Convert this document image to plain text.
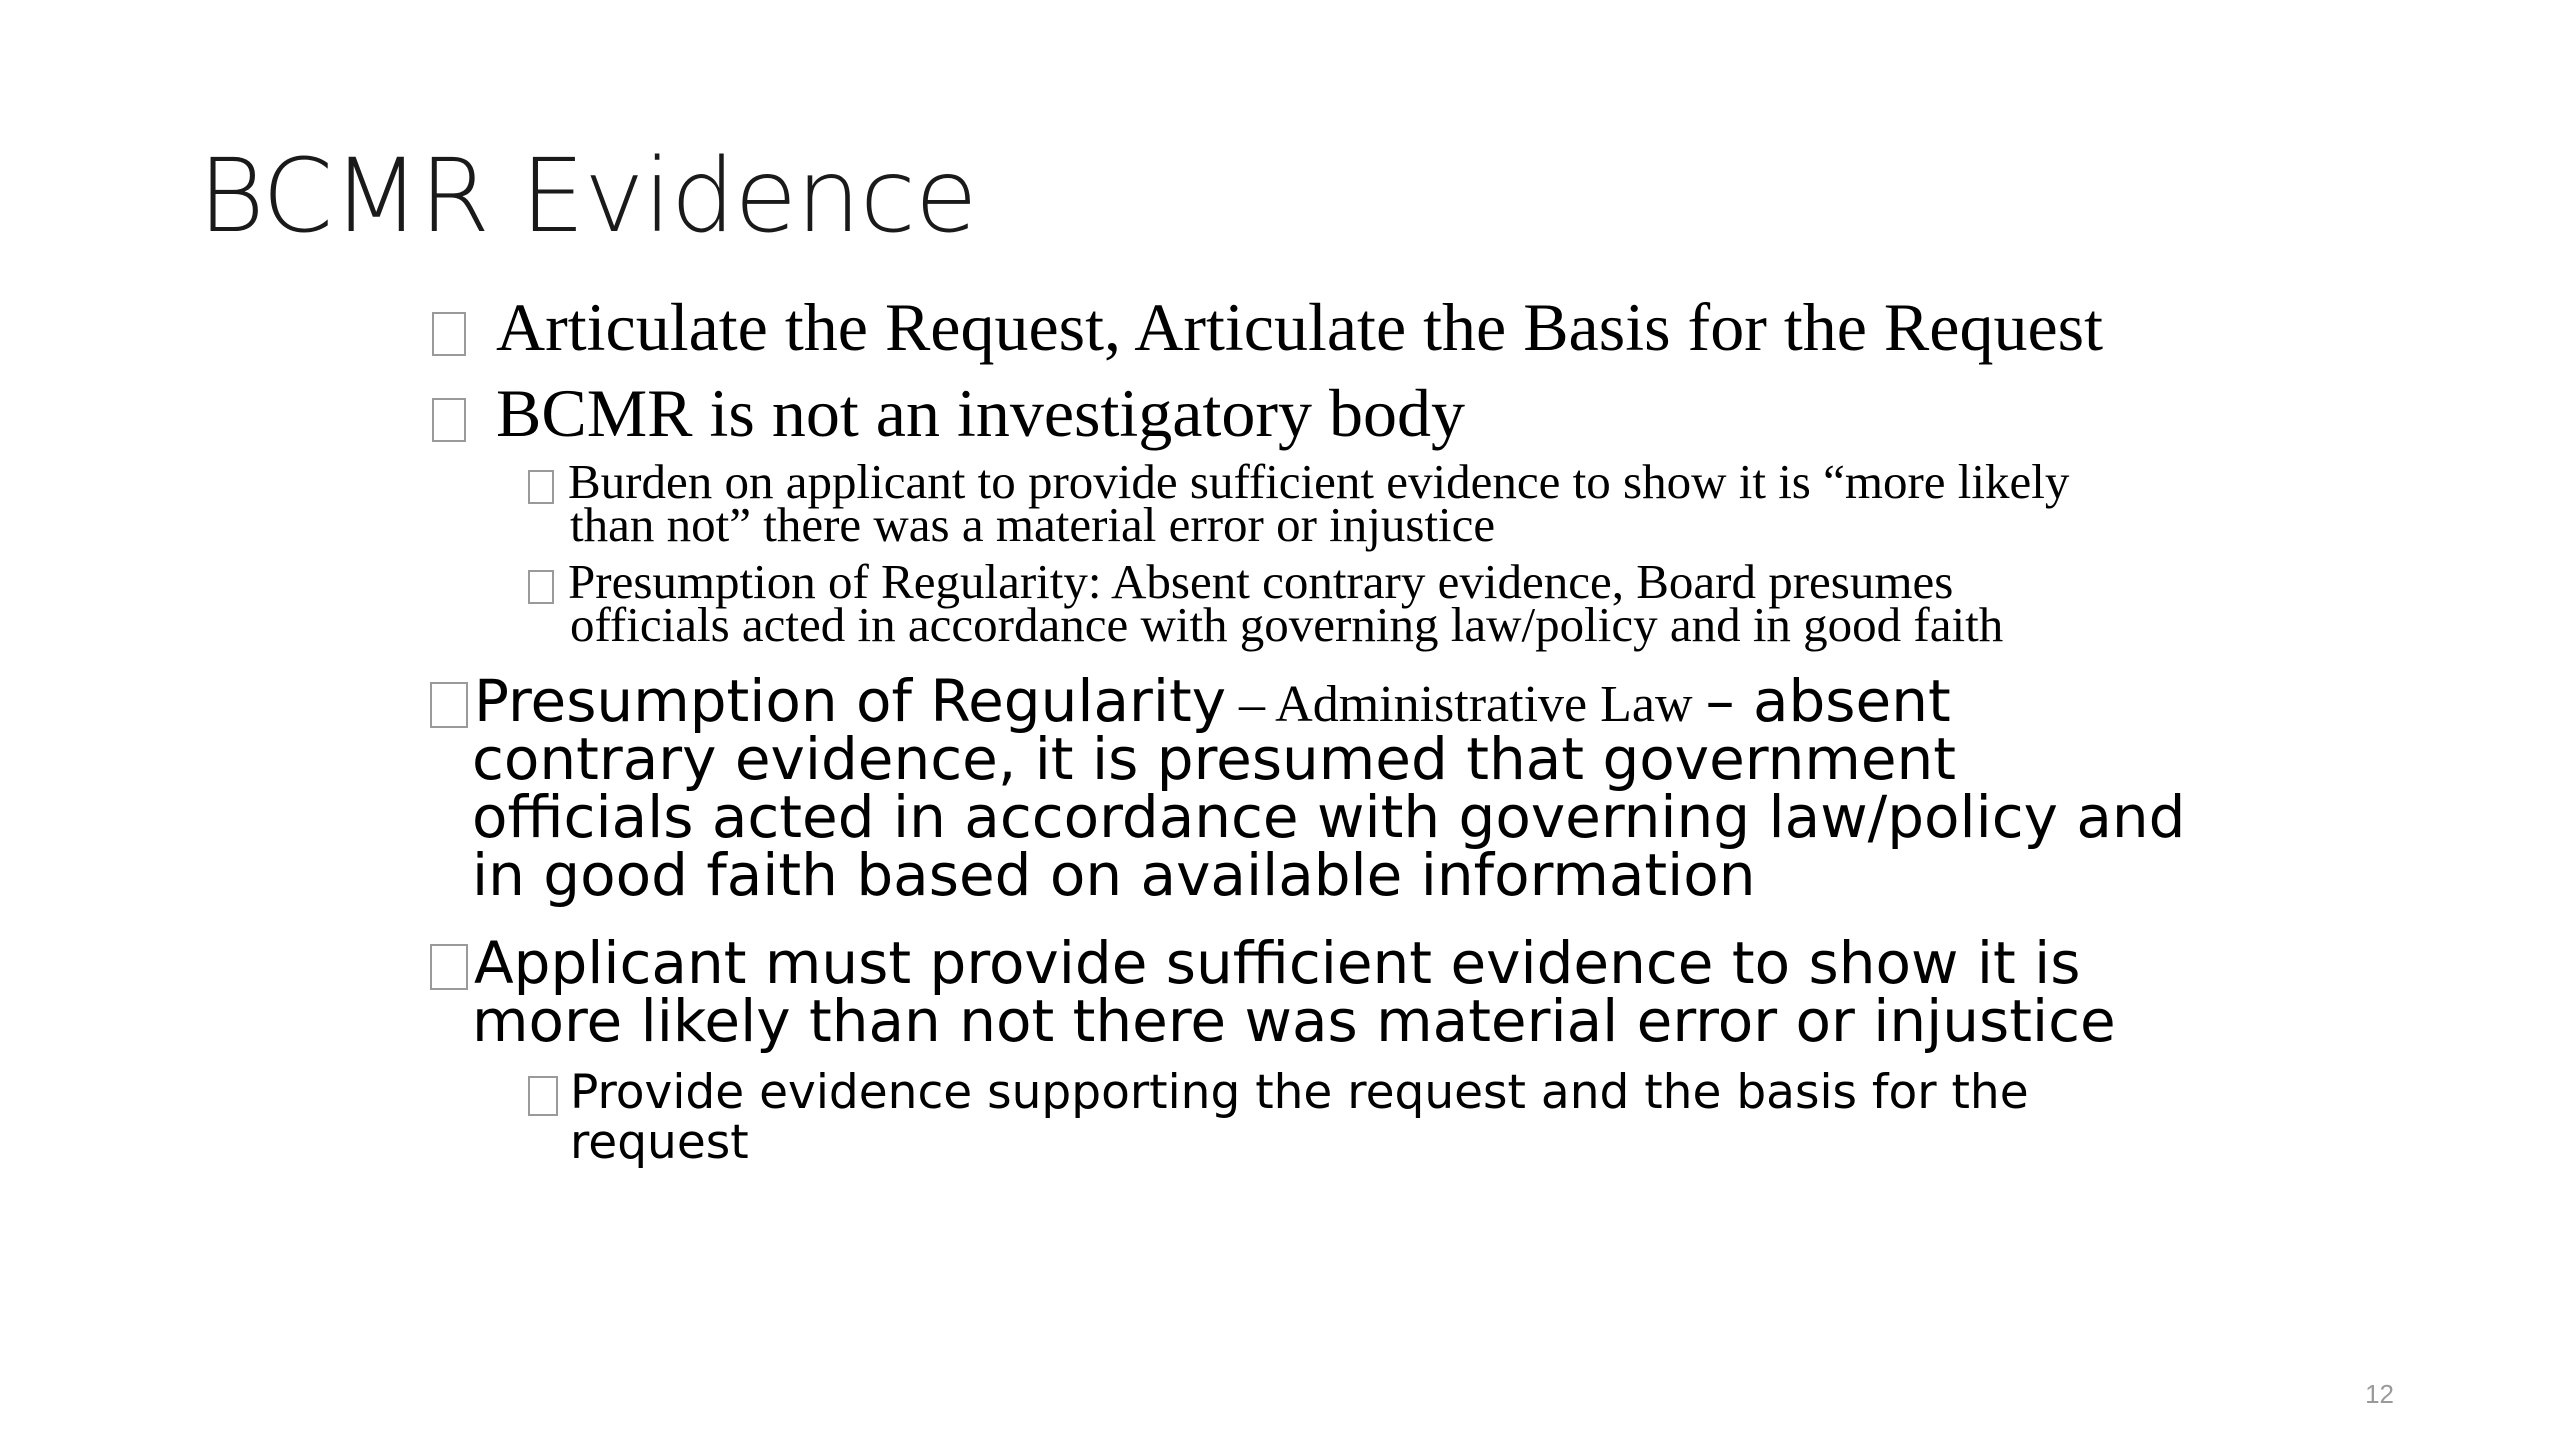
BCMR Evidence
Articulate the Request, Articulate the Basis for the Request
BCMR is not an investigatory body
Burden on applicant to provide sufficient evidence to show it is “more likely
than not” there was a material error or injustice
Presumption of Regularity: Absent contrary evidence, Board presumes
officials acted in accordance with governing law/policy and in good faith
Presumption of Regularity – Administrative Law – absent
contrary evidence, it is presumed that government
officials acted in accordance with governing law/policy and
in good faith based on available information
Applicant must provide sufficient evidence to show it is
more likely than not there was material error or injustice
Provide evidence supporting the request and the basis for the
request
12
